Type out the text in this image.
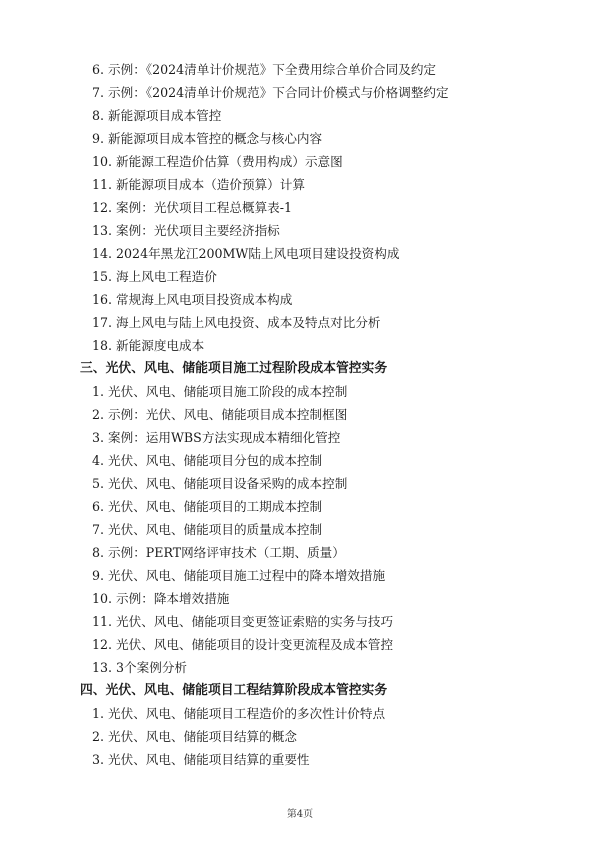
6. 示例：《2024清单计价规范》下全费用综合单价合同及约定
7. 示例：《2024清单计价规范》下合同计价模式与价格调整约定
8. 新能源项目成本管控
9. 新能源项目成本管控的概念与核心内容
10. 新能源工程造价估算（费用构成）示意图
11. 新能源项目成本（造价预算）计算
12. 案例：光伏项目工程总概算表-1
13. 案例：光伏项目主要经济指标
14. 2024年黑龙江200MW陆上风电项目建设投资构成
15. 海上风电工程造价
16. 常规海上风电项目投资成本构成
17. 海上风电与陆上风电投资、成本及特点对比分析
18. 新能源度电成本
三、光伏、风电、储能项目施工过程阶段成本管控实务
1. 光伏、风电、储能项目施工阶段的成本控制
2. 示例：光伏、风电、储能项目成本控制框图
3. 案例：运用WBS方法实现成本精细化管控
4. 光伏、风电、储能项目分包的成本控制
5. 光伏、风电、储能项目设备采购的成本控制
6. 光伏、风电、储能项目的工期成本控制
7. 光伏、风电、储能项目的质量成本控制
8. 示例：PERT网络评审技术（工期、质量）
9. 光伏、风电、储能项目施工过程中的降本增效措施
10. 示例：降本增效措施
11. 光伏、风电、储能项目变更签证索赔的实务与技巧
12. 光伏、风电、储能项目的设计变更流程及成本管控
13. 3个案例分析
四、光伏、风电、储能项目工程结算阶段成本管控实务
1. 光伏、风电、储能项目工程造价的多次性计价特点
2. 光伏、风电、储能项目结算的概念
3. 光伏、风电、储能项目结算的重要性
第4页
